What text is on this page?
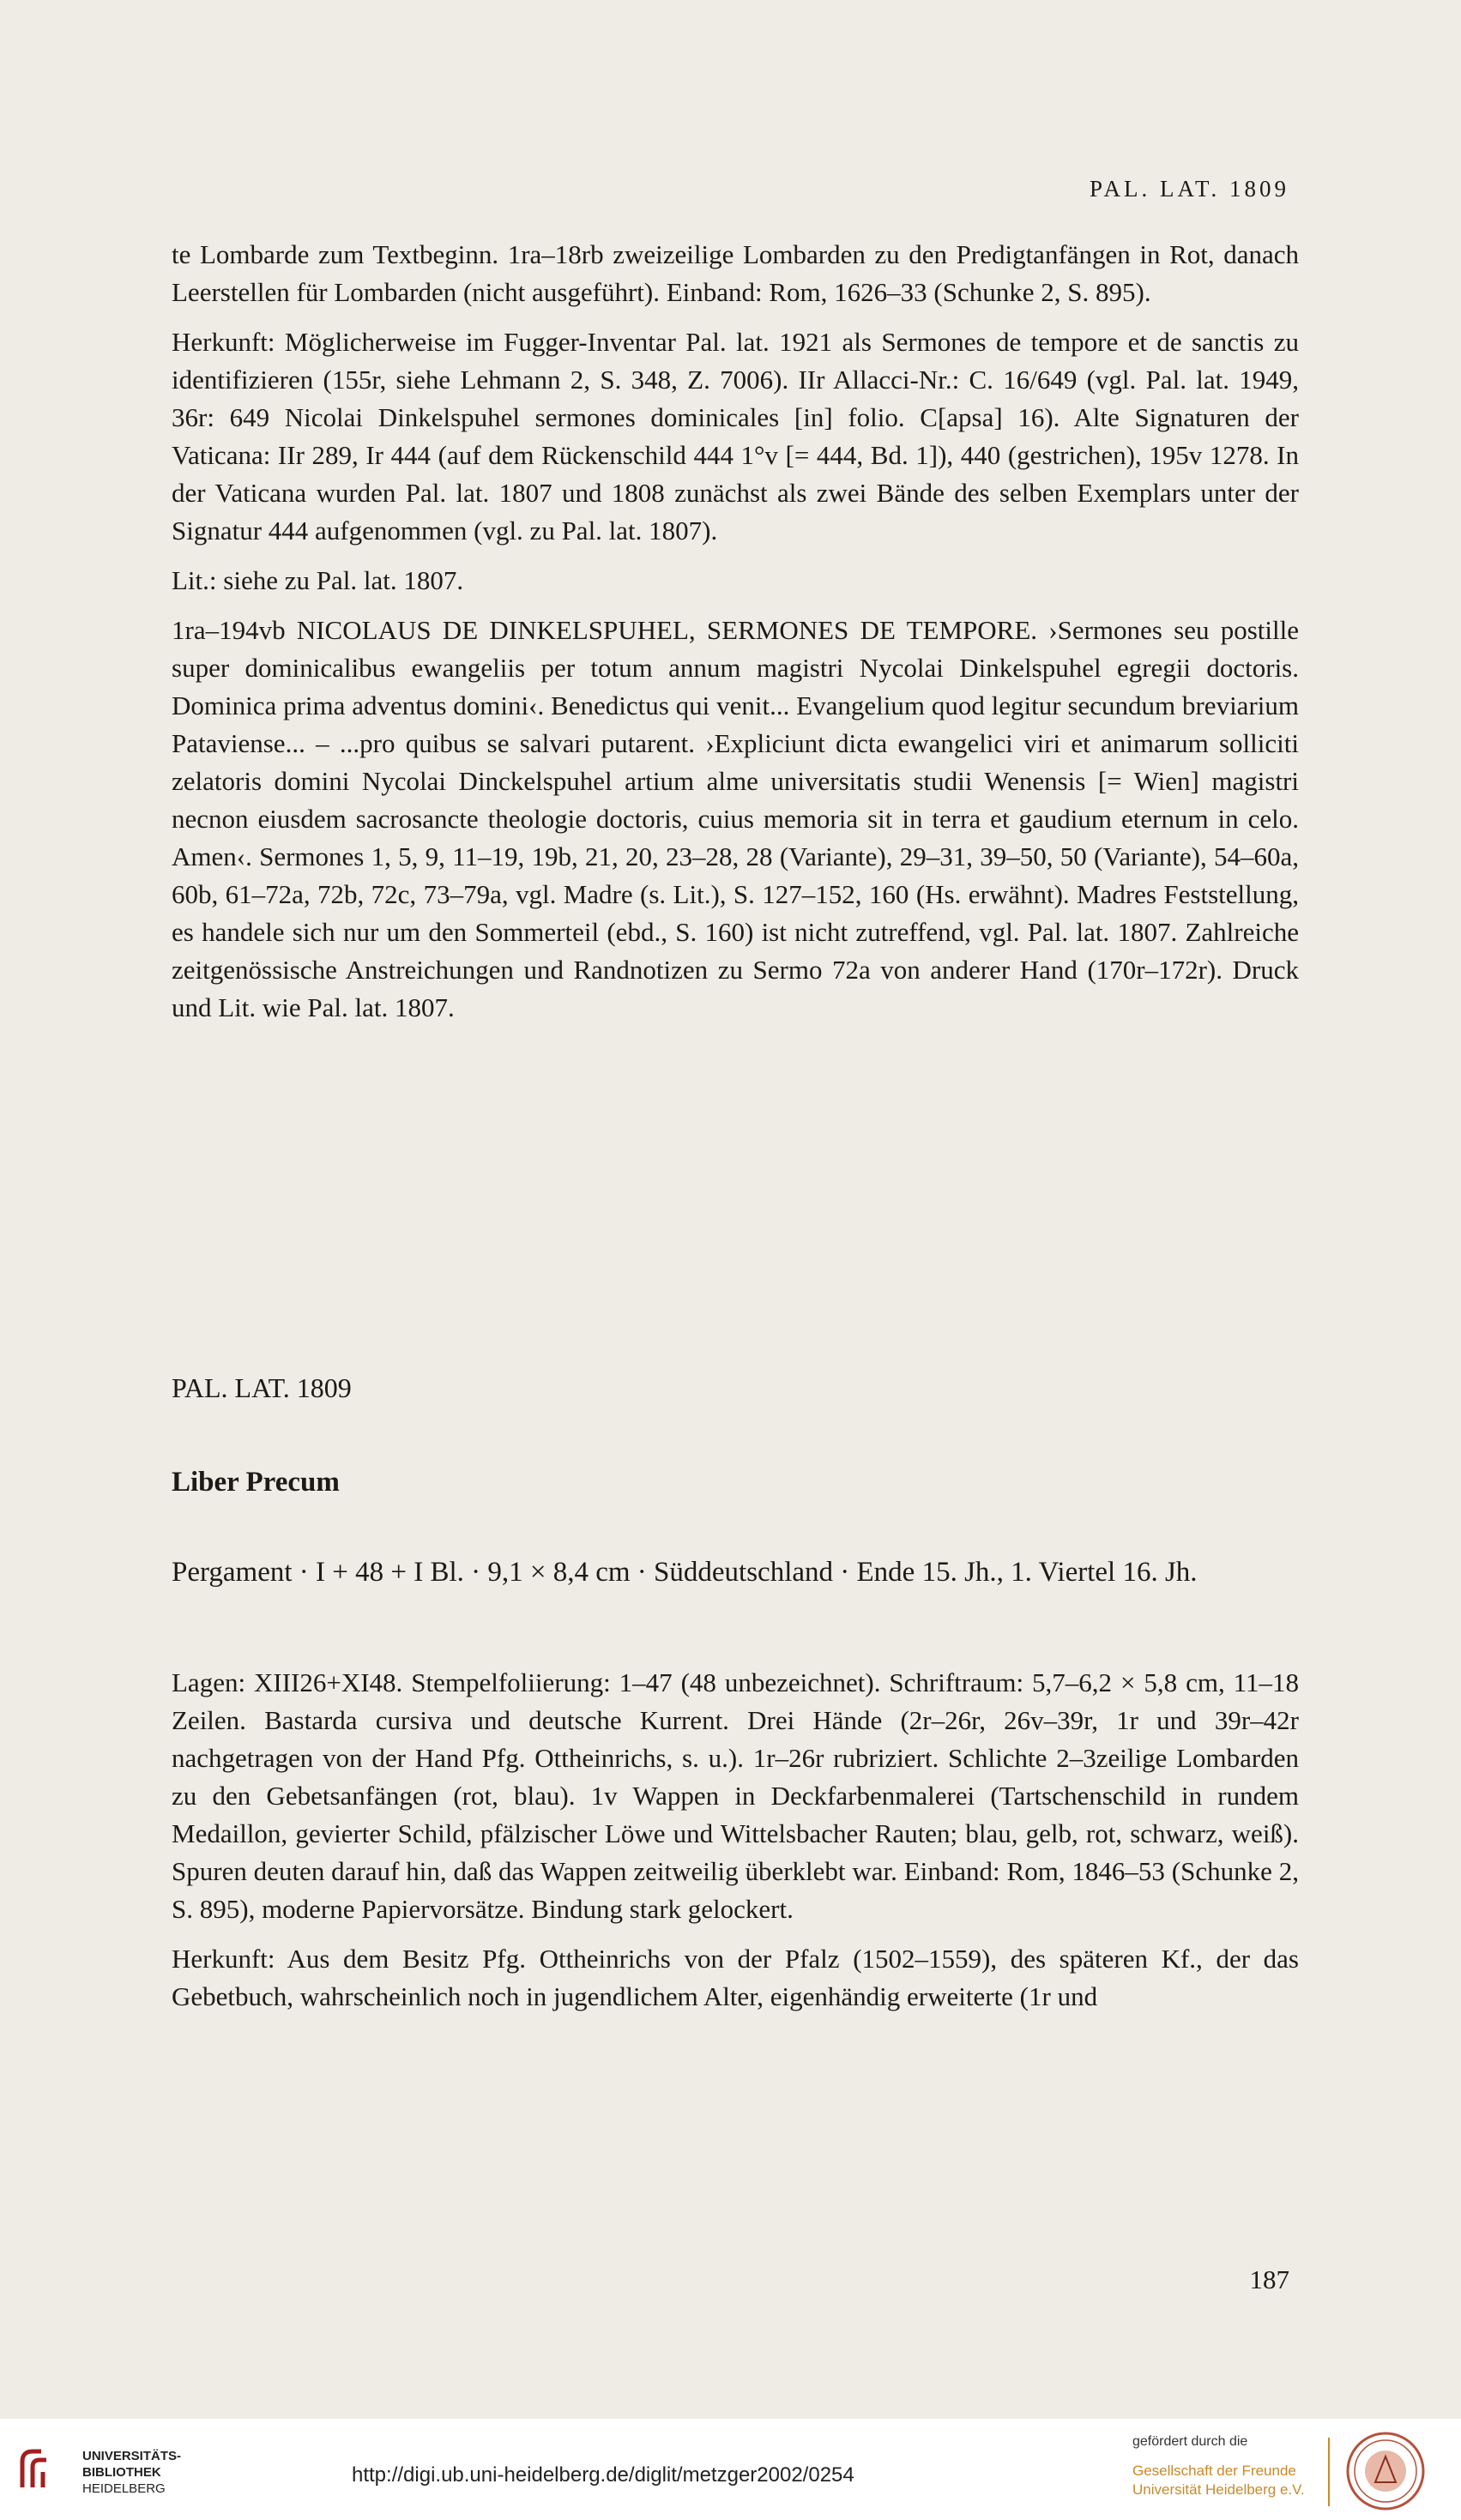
PAL. LAT. 1809

te Lombarde zum Textbeginn. 1ra–18rb zweizeilige Lombarden zu den Predigtanfängen in Rot, danach Leerstellen für Lombarden (nicht ausgeführt). Einband: Rom, 1626–33 (Schunke 2, S. 895).

Herkunft: Möglicherweise im Fugger-Inventar Pal. lat. 1921 als Sermones de tempore et de sanctis zu identifizieren (155r, siehe Lehmann 2, S. 348, Z. 7006). IIr Allacci-Nr.: C. 16/649 (vgl. Pal. lat. 1949, 36r: 649 Nicolai Dinkelspuhel sermones dominicales [in] folio. C[apsa] 16). Alte Signaturen der Vaticana: IIr 289, Ir 444 (auf dem Rückenschild 444 1°v [= 444, Bd. 1]), 440 (gestrichen), 195v 1278. In der Vaticana wurden Pal. lat. 1807 und 1808 zunächst als zwei Bände des selben Exemplars unter der Signatur 444 aufgenommen (vgl. zu Pal. lat. 1807).

Lit.: siehe zu Pal. lat. 1807.

1ra–194vb NICOLAUS DE DINKELSPUHEL, SERMONES DE TEMPORE. ›Sermones seu postille super dominicalibus ewangeliis per totum annum magistri Nycolai Dinkelspuhel egregii doctoris. Dominica prima adventus domini‹. Benedictus qui venit... Evangelium quod legitur secundum breviarium Pataviense... – ...pro quibus se salvari putarent. ›Expliciunt dicta ewangelici viri et animarum solliciti zelatoris domini Nycolai Dinckelspuhel artium alme universitatis studii Wenensis [= Wien] magistri necnon eiusdem sacrosancte theologie doctoris, cuius memoria sit in terra et gaudium eternum in celo. Amen‹. Sermones 1, 5, 9, 11–19, 19b, 21, 20, 23–28, 28 (Variante), 29–31, 39–50, 50 (Variante), 54–60a, 60b, 61–72a, 72b, 72c, 73–79a, vgl. Madre (s. Lit.), S. 127–152, 160 (Hs. erwähnt). Madres Feststellung, es handele sich nur um den Sommerteil (ebd., S. 160) ist nicht zutreffend, vgl. Pal. lat. 1807. Zahlreiche zeitgenössische Anstreichungen und Randnotizen zu Sermo 72a von anderer Hand (170r–172r). Druck und Lit. wie Pal. lat. 1807.

PAL. LAT. 1809
Liber Precum
Pergament · I + 48 + I Bl. · 9,1 × 8,4 cm · Süddeutschland · Ende 15. Jh., 1. Viertel 16. Jh.

Lagen: XIII26+XI48. Stempelfoliierung: 1–47 (48 unbezeichnet). Schriftraum: 5,7–6,2 × 5,8 cm, 11–18 Zeilen. Bastarda cursiva und deutsche Kurrent. Drei Hände (2r–26r, 26v–39r, 1r und 39r–42r nachgetragen von der Hand Pfg. Ottheinrichs, s. u.). 1r–26r rubriziert. Schlichte 2–3zeilige Lombarden zu den Gebetsanfängen (rot, blau). 1v Wappen in Deckfarbenmalerei (Tartschenschild in rundem Medaillon, gevierter Schild, pfälzischer Löwe und Wittelsbacher Rauten; blau, gelb, rot, schwarz, weiß). Spuren deuten darauf hin, daß das Wappen zeitweilig überklebt war. Einband: Rom, 1846–53 (Schunke 2, S. 895), moderne Papiervorsätze. Bindung stark gelockert.

Herkunft: Aus dem Besitz Pfg. Ottheinrichs von der Pfalz (1502–1559), des späteren Kf., der das Gebetbuch, wahrscheinlich noch in jugendlichem Alter, eigenhändig erweiterte (1r und

187
UNIVERSITÄTS-
BIBLIOTHEK
HEIDELBERG
http://digi.ub.uni-heidelberg.de/diglit/metzger2002/0254
gefördert durch die
Gesellschaft der Freunde
Universität Heidelberg e.V.
